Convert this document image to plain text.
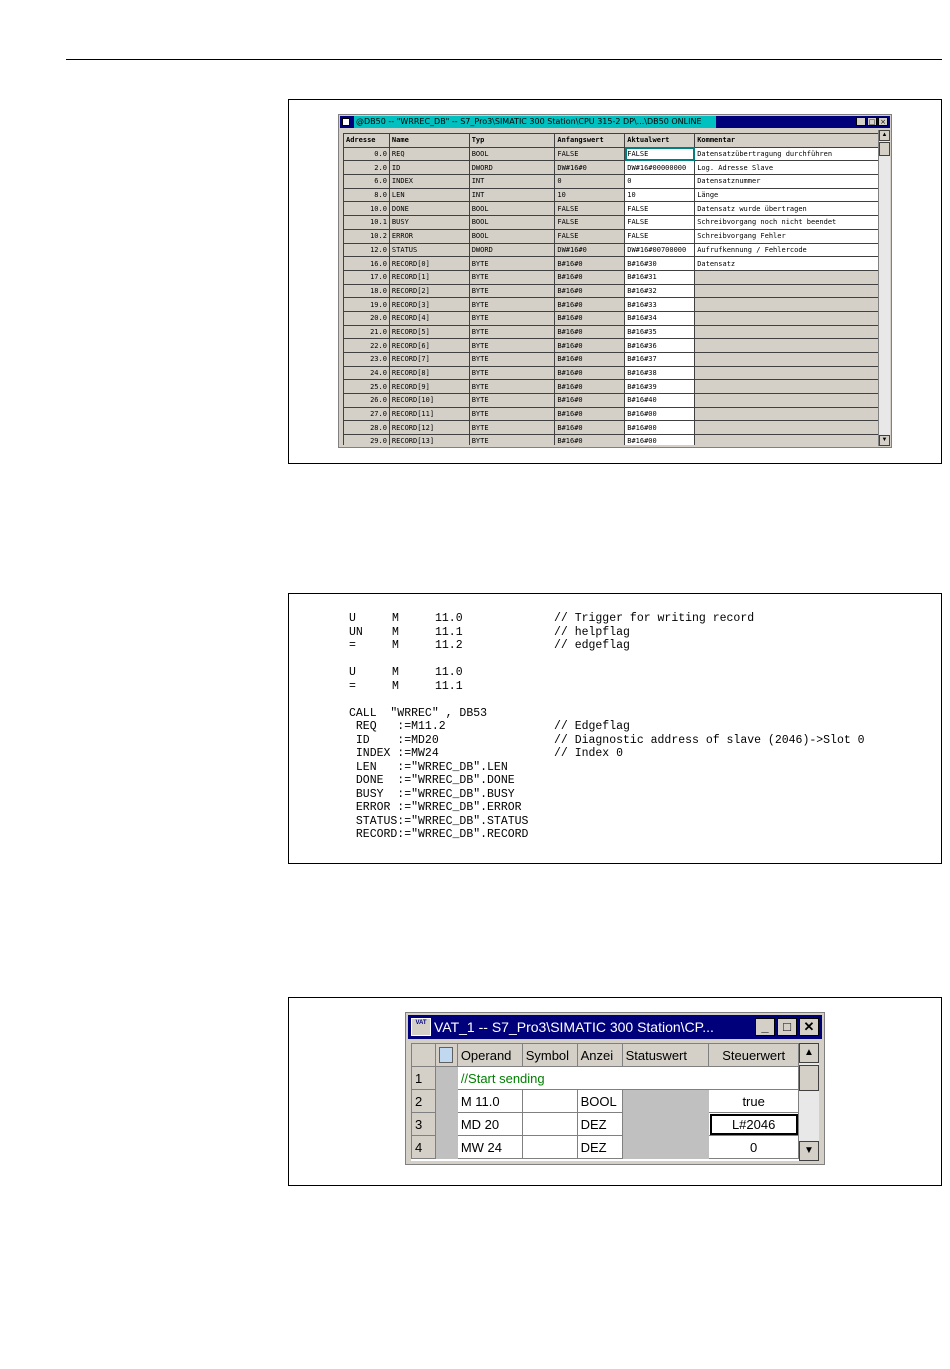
@DB50 -- "WRREC_DB" -- S7_Pro3\SIMATIC 300 Station\CPU 315-2 DP\...\DB50 ONLINE	_ □ ×
Adresse	Name	Typ	Anfangswert	Aktualwert	Kommentar
0.0	REQ	BOOL	FALSE	FALSE	Datensatzübertragung durchführen
2.0	ID	DWORD	DW#16#0	DW#16#00000000	Log. Adresse Slave
6.0	INDEX	INT	0	0	Datensatznummer
8.0	LEN	INT	10	10	Länge
10.0	DONE	BOOL	FALSE	FALSE	Datensatz wurde übertragen
10.1	BUSY	BOOL	FALSE	FALSE	Schreibvorgang noch nicht beendet
10.2	ERROR	BOOL	FALSE	FALSE	Schreibvorgang Fehler
12.0	STATUS	DWORD	DW#16#0	DW#16#00700000	Aufrufkennung / Fehlercode
16.0	RECORD[0]	BYTE	B#16#0	B#16#30	Datensatz
17.0	RECORD[1]	BYTE	B#16#0	B#16#31	
18.0	RECORD[2]	BYTE	B#16#0	B#16#32	
19.0	RECORD[3]	BYTE	B#16#0	B#16#33	
20.0	RECORD[4]	BYTE	B#16#0	B#16#34	
21.0	RECORD[5]	BYTE	B#16#0	B#16#35	
22.0	RECORD[6]	BYTE	B#16#0	B#16#36	
23.0	RECORD[7]	BYTE	B#16#0	B#16#37	
24.0	RECORD[8]	BYTE	B#16#0	B#16#38	
25.0	RECORD[9]	BYTE	B#16#0	B#16#39	
26.0	RECORD[10]	BYTE	B#16#0	B#16#40	
27.0	RECORD[11]	BYTE	B#16#0	B#16#00	
28.0	RECORD[12]	BYTE	B#16#0	B#16#00	
29.0	RECORD[13]	BYTE	B#16#0	B#16#00	
▲
▼
U	M	11.0	// Trigger for writing record
UN	M	11.1	// helpflag
=	M	11.2	// edgeflag
U	M	11.0
=	M	11.1
CALL  "WRREC" , DB53
REQ   :=M11.2	// Edgeflag
ID    :=MD20	// Diagnostic address of slave (2046)->Slot 0
INDEX :=MW24	// Index 0
LEN   :="WRREC_DB".LEN
DONE  :="WRREC_DB".DONE
BUSY  :="WRREC_DB".BUSY
ERROR :="WRREC_DB".ERROR
STATUS:="WRREC_DB".STATUS
RECORD:="WRREC_DB".RECORD
VAT VAT_1 -- S7_Pro3\SIMATIC 300 Station\CP...	_ □ ✕
		Operand	Symbol	Anzei	Statuswert	Steuerwert
1		//Start sending				
2		M 11.0		BOOL		true
3		MD 20		DEZ		L#2046
4		MW 24		DEZ		0
▲
▼
